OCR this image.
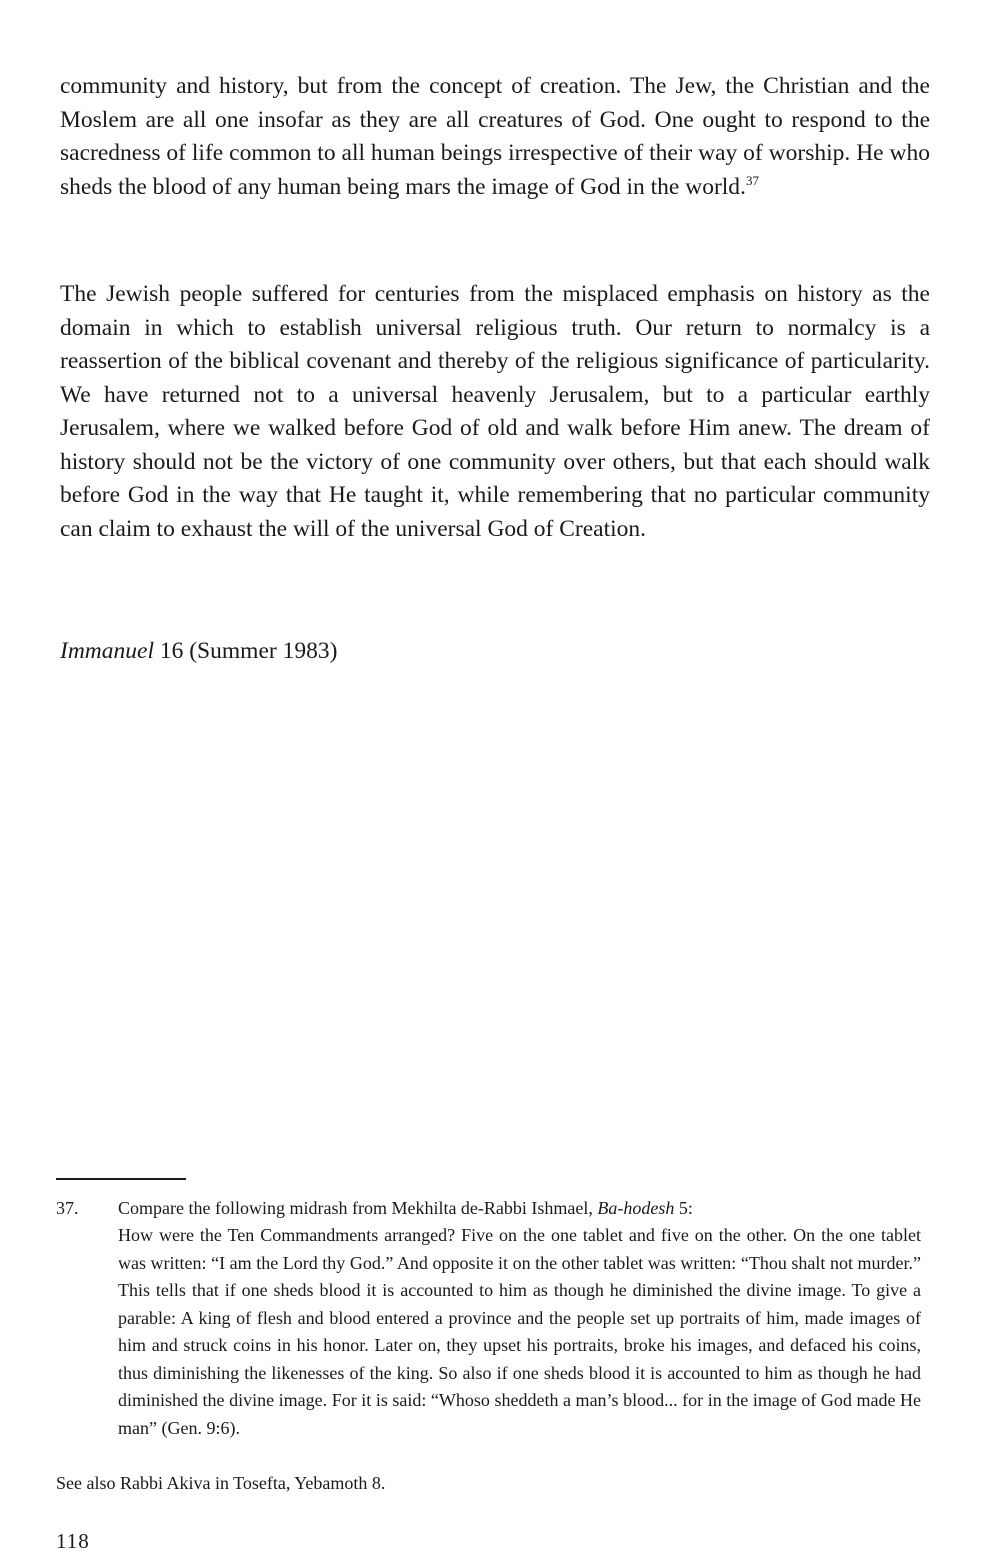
community and history, but from the concept of creation. The Jew, the Christian and the Moslem are all one insofar as they are all creatures of God. One ought to respond to the sacredness of life common to all human beings irrespective of their way of worship. He who sheds the blood of any human being mars the image of God in the world.$^{37}$

The Jewish people suffered for centuries from the misplaced emphasis on history as the domain in which to establish universal religious truth. Our return to normalcy is a reassertion of the biblical covenant and thereby of the religious significance of particularity. We have returned not to a universal heavenly Jerusalem, but to a particular earthly Jerusalem, where we walked before God of old and walk before Him anew. The dream of history should not be the victory of one community over others, but that each should walk before God in the way that He taught it, while remembering that no particular community can claim to exhaust the will of the universal God of Creation.

Immanuel 16 (Summer 1983)

37. Compare the following midrash from Mekhilta de-Rabbi Ishmael, Ba-hodesh 5:

How were the Ten Commandments arranged? Five on the one tablet and five on the other. On the one tablet was written: “I am the Lord thy God.” And opposite it on the other tablet was written: “Thou shalt not murder.” This tells that if one sheds blood it is accounted to him as though he diminished the divine image. To give a parable: A king of flesh and blood entered a province and the people set up portraits of him, made images of him and struck coins in his honor. Later on, they upset his portraits, broke his images, and defaced his coins, thus diminishing the likenesses of the king. So also if one sheds blood it is accounted to him as though he had diminished the divine image. For it is said: “Whoso sheddeth a man’s blood... for in the image of God made He man” (Gen. 9:6).

See also Rabbi Akiva in Tosefta, Yebamoth 8.

118
